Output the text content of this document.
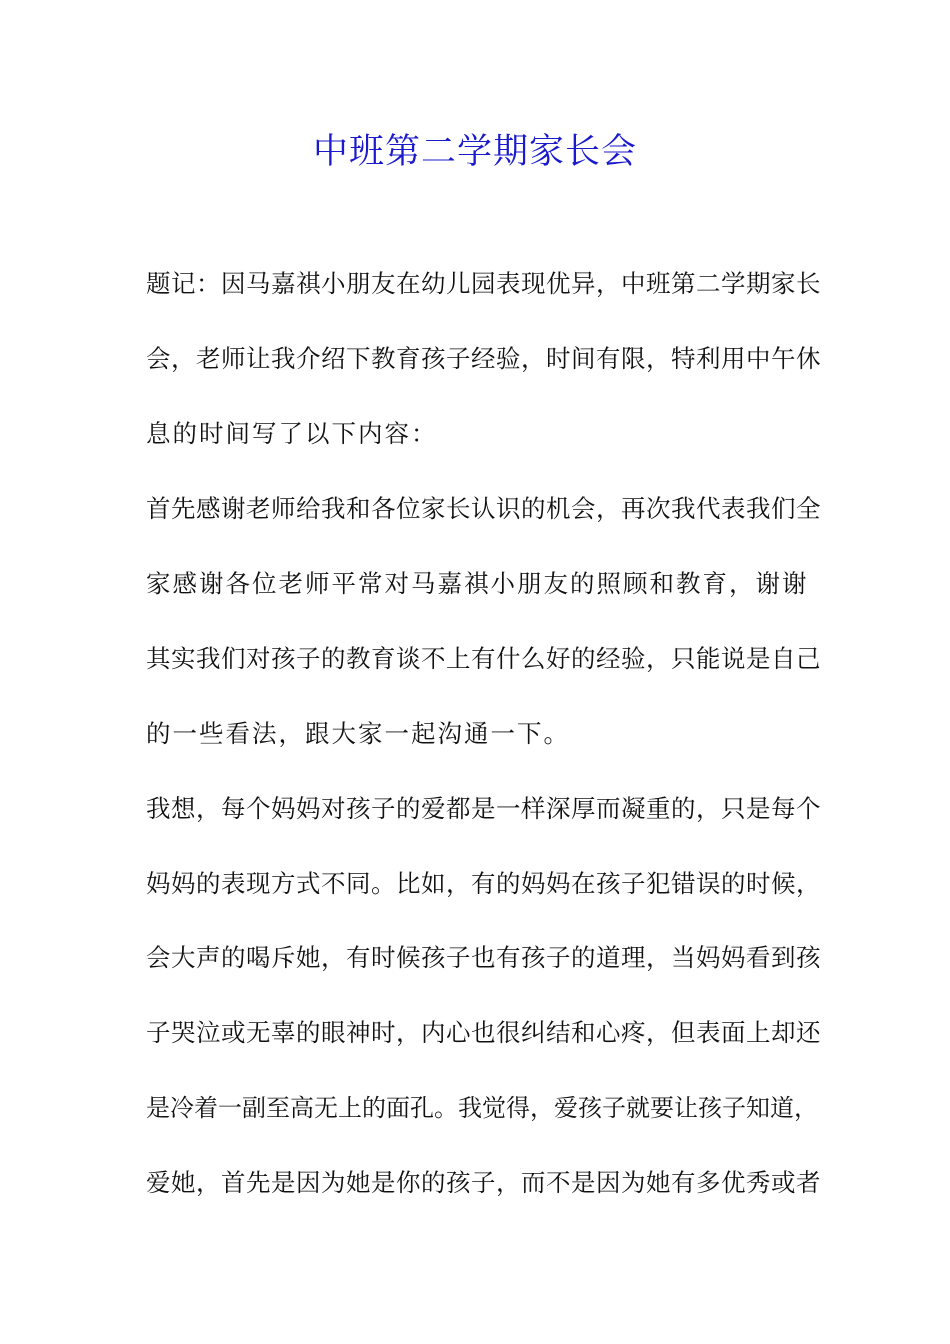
中班第二学期家长会
题记：因马嘉祺小朋友在幼儿园表现优异，中班第二学期家长
会，老师让我介绍下教育孩子经验，时间有限，特利用中午休
息的时间写了以下内容：
首先感谢老师给我和各位家长认识的机会，再次我代表我们全
家感谢各位老师平常对马嘉祺小朋友的照顾和教育，谢谢
其实我们对孩子的教育谈不上有什么好的经验，只能说是自己
的一些看法，跟大家一起沟通一下。
我想，每个妈妈对孩子的爱都是一样深厚而凝重的，只是每个
妈妈的表现方式不同。比如，有的妈妈在孩子犯错误的时候，
会大声的喝斥她，有时候孩子也有孩子的道理，当妈妈看到孩
子哭泣或无辜的眼神时，内心也很纠结和心疼，但表面上却还
是冷着一副至高无上的面孔。我觉得，爱孩子就要让孩子知道，
爱她，首先是因为她是你的孩子，而不是因为她有多优秀或者
